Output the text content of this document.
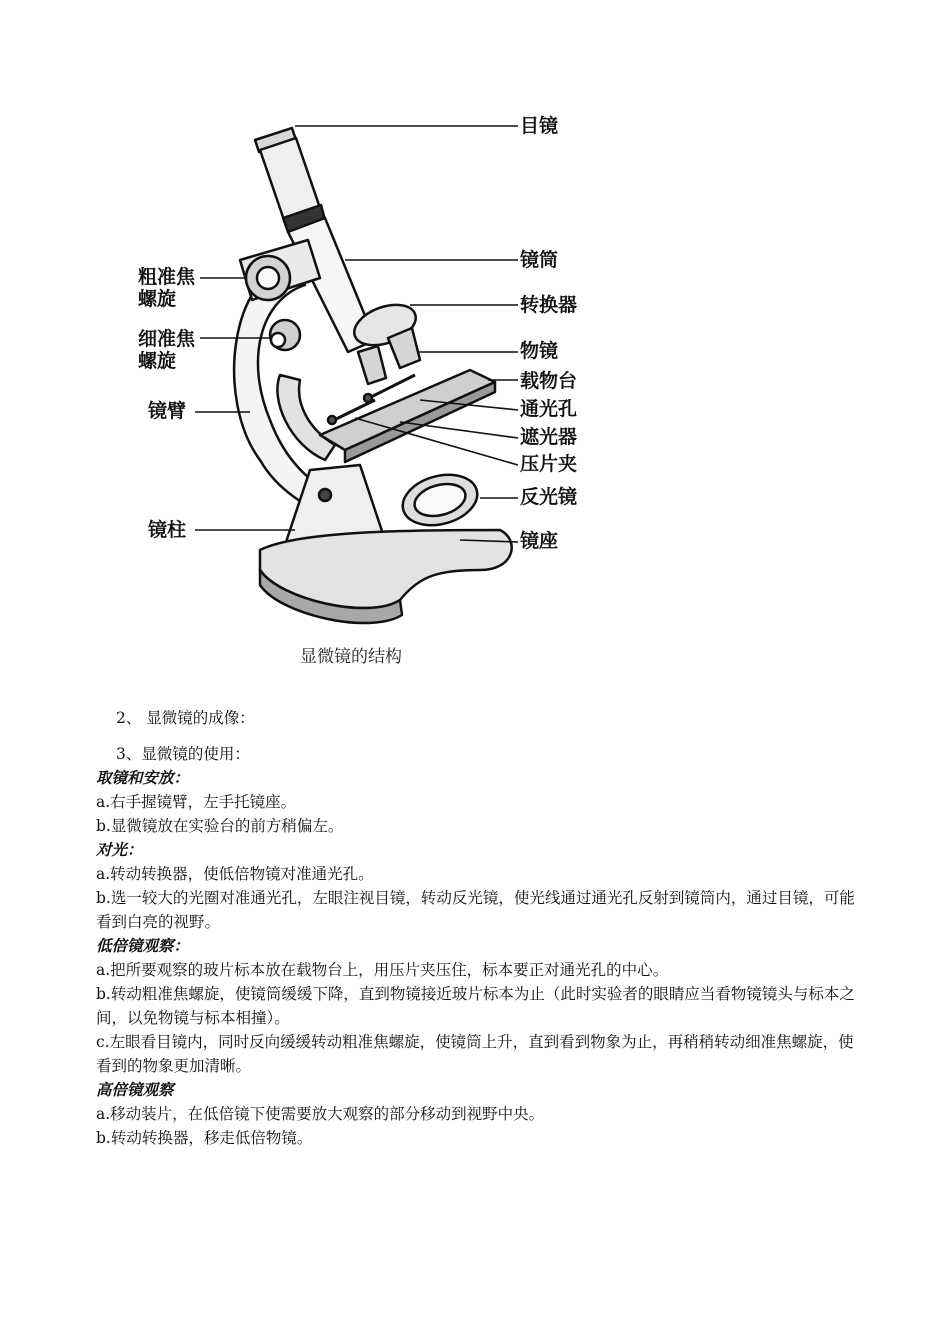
目镜
镜筒
转换器
物镜
载物台
通光孔
遮光器
压片夹
反光镜
镜座
粗准焦
螺旋
细准焦
螺旋
镜臂
镜柱
显微镜的结构
2、 显微镜的成像：
3、显微镜的使用：
取镜和安放：
a.右手握镜臂，左手托镜座。
b.显微镜放在实验台的前方稍偏左。
对光：
a.转动转换器，使低倍物镜对准通光孔。
b.选一较大的光圈对准通光孔，左眼注视目镜，转动反光镜，使光线通过通光孔反射到镜筒内，通过目镜，可能看到白亮的视野。
低倍镜观察：
a.把所要观察的玻片标本放在载物台上，用压片夹压住，标本要正对通光孔的中心。
b.转动粗准焦螺旋，使镜筒缓缓下降，直到物镜接近玻片标本为止（此时实验者的眼睛应当看物镜镜头与标本之间，以免物镜与标本相撞）。
c.左眼看目镜内，同时反向缓缓转动粗准焦螺旋，使镜筒上升，直到看到物象为止，再稍稍转动细准焦螺旋，使看到的物象更加清晰。
高倍镜观察
a.移动装片，在低倍镜下使需要放大观察的部分移动到视野中央。
b.转动转换器，移走低倍物镜。
